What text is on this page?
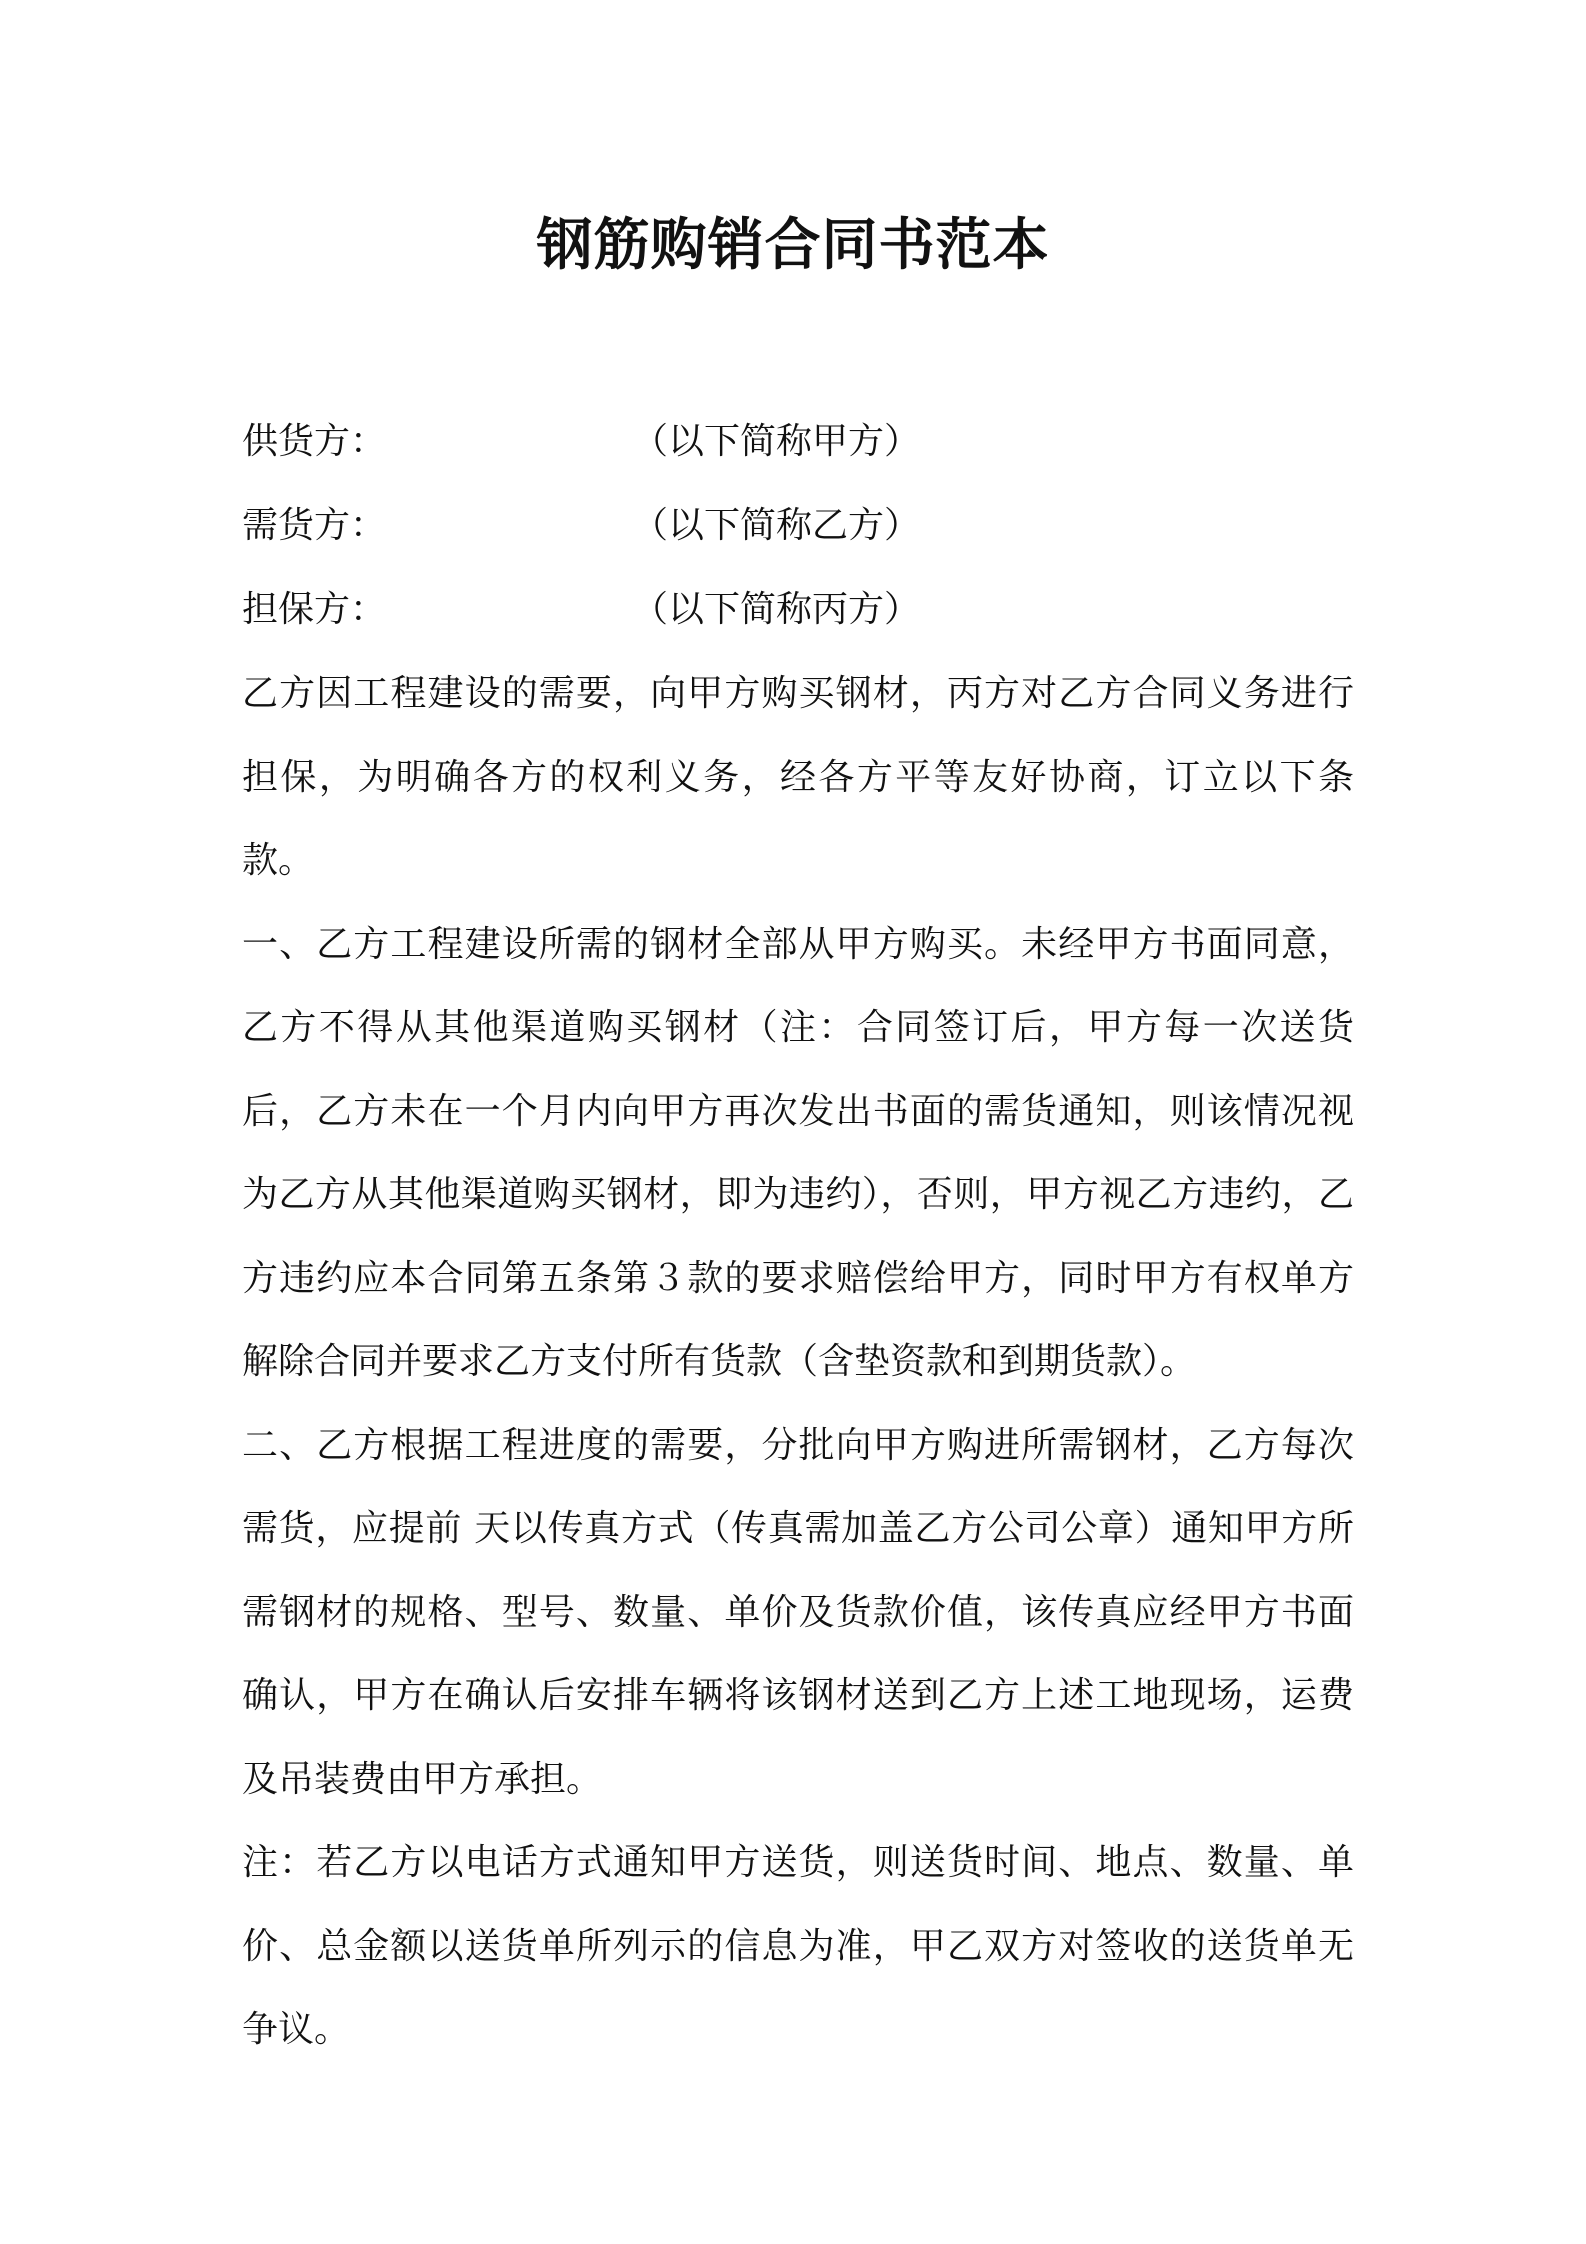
钢筋购销合同书范本
供货方：	（以下简称甲方）
需货方：	（以下简称乙方）
担保方：	（以下简称丙方）

乙方因工程建设的需要，向甲方购买钢材，丙方对乙方合同义务进行担保，为明确各方的权利义务，经各方平等友好协商，订立以下条款。

一、乙方工程建设所需的钢材全部从甲方购买。未经甲方书面同意，乙方不得从其他渠道购买钢材（注：合同签订后，甲方每一次送货后，乙方未在一个月内向甲方再次发出书面的需货通知，则该情况视为乙方从其他渠道购买钢材，即为违约），否则，甲方视乙方违约，乙方违约应本合同第五条第３款的要求赔偿给甲方，同时甲方有权单方解除合同并要求乙方支付所有货款（含垫资款和到期货款）。

二、乙方根据工程进度的需要，分批向甲方购进所需钢材，乙方每次需货，应提前 天以传真方式（传真需加盖乙方公司公章）通知甲方所需钢材的规格、型号、数量、单价及货款价值，该传真应经甲方书面确认，甲方在确认后安排车辆将该钢材送到乙方上述工地现场，运费及吊装费由甲方承担。

注：若乙方以电话方式通知甲方送货，则送货时间、地点、数量、单价、总金额以送货单所列示的信息为准，甲乙双方对签收的送货单无争议。
